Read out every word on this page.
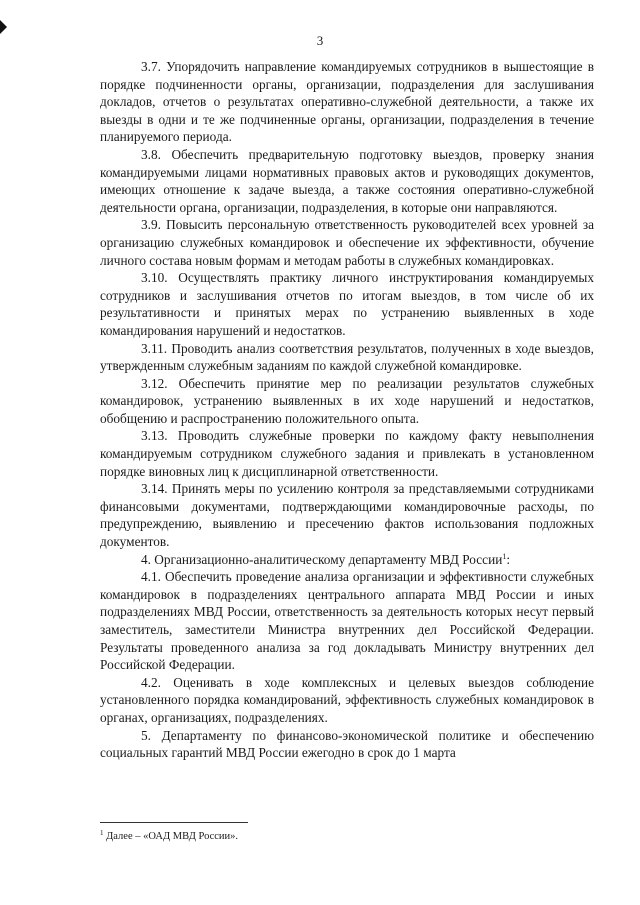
3

3.7. Упорядочить направление командируемых сотрудников в вышестоящие в порядке подчиненности органы, организации, подразделения для заслушивания докладов, отчетов о результатах оперативно-служебной деятельности, а также их выезды в одни и те же подчиненные органы, организации, подразделения в течение планируемого периода.

3.8. Обеспечить предварительную подготовку выездов, проверку знания командируемыми лицами нормативных правовых актов и руководящих документов, имеющих отношение к задаче выезда, а также состояния оперативно-служебной деятельности органа, организации, подразделения, в которые они направляются.

3.9. Повысить персональную ответственность руководителей всех уровней за организацию служебных командировок и обеспечение их эффективности, обучение личного состава новым формам и методам работы в служебных командировках.

3.10. Осуществлять практику личного инструктирования командируемых сотрудников и заслушивания отчетов по итогам выездов, в том числе об их результативности и принятых мерах по устранению выявленных в ходе командирования нарушений и недостатков.

3.11. Проводить анализ соответствия результатов, полученных в ходе выездов, утвержденным служебным заданиям по каждой служебной командировке.

3.12. Обеспечить принятие мер по реализации результатов служебных командировок, устранению выявленных в их ходе нарушений и недостатков, обобщению и распространению положительного опыта.

3.13. Проводить служебные проверки по каждому факту невыполнения командируемым сотрудником служебного задания и привлекать в установленном порядке виновных лиц к дисциплинарной ответственности.

3.14. Принять меры по усилению контроля за представляемыми сотрудниками финансовыми документами, подтверждающими командировочные расходы, по предупреждению, выявлению и пресечению фактов использования подложных документов.

4. Организационно-аналитическому департаменту МВД России$^1$:

4.1. Обеспечить проведение анализа организации и эффективности служебных командировок в подразделениях центрального аппарата МВД России и иных подразделениях МВД России, ответственность за деятельность которых несут первый заместитель, заместители Министра внутренних дел Российской Федерации. Результаты проведенного анализа за год докладывать Министру внутренних дел Российской Федерации.

4.2. Оценивать в ходе комплексных и целевых выездов соблюдение установленного порядка командирований, эффективность служебных командировок в органах, организациях, подразделениях.

5. Департаменту по финансово-экономической политике и обеспечению социальных гарантий МВД России ежегодно в срок до 1 марта

$^1$ Далее – «ОАД МВД России».
